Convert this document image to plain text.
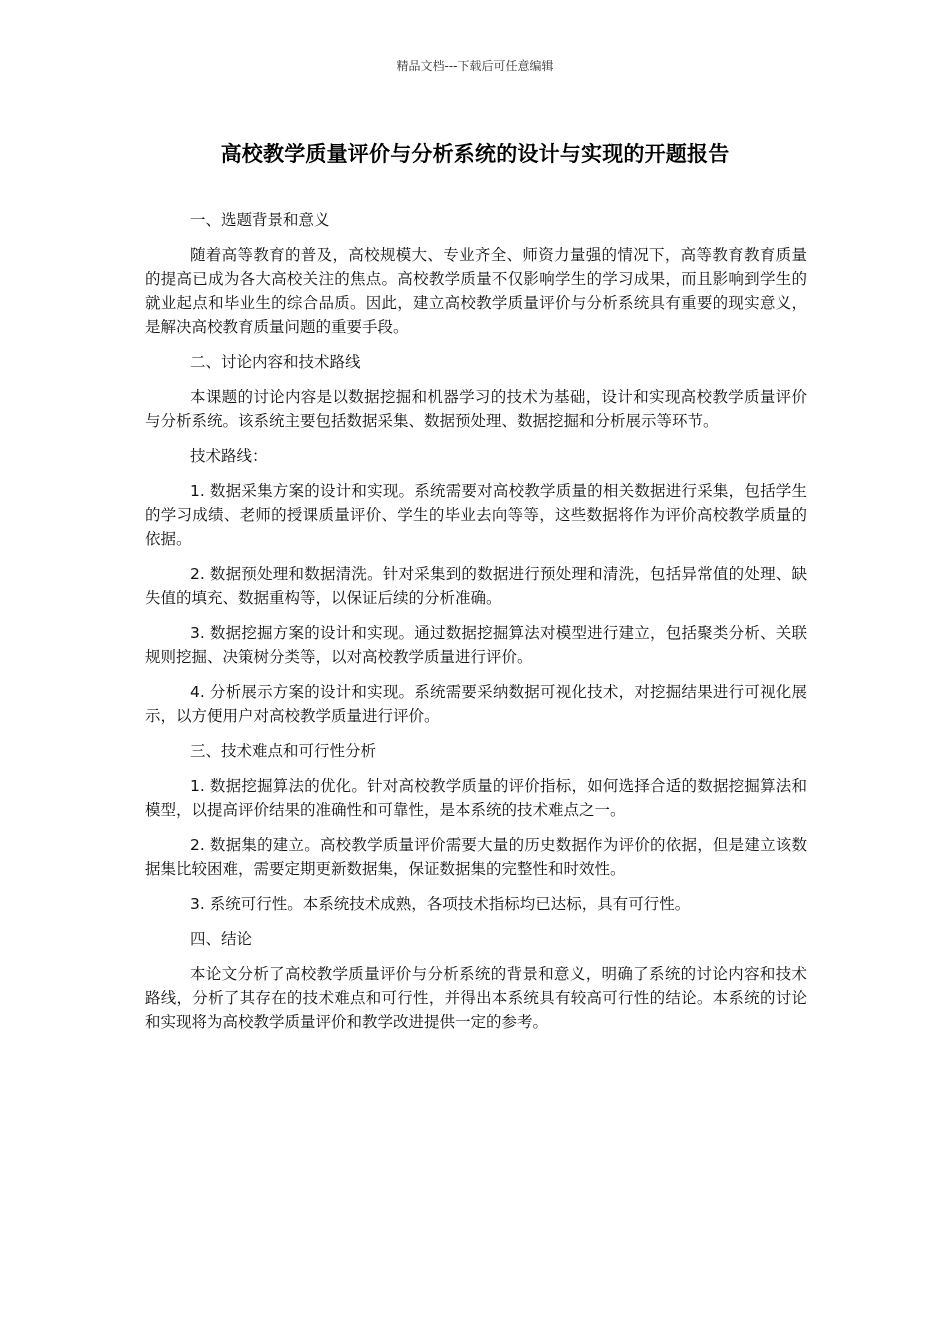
精品文档---下载后可任意编辑
高校教学质量评价与分析系统的设计与实现的开题报告

一、选题背景和意义

随着高等教育的普及，高校规模大、专业齐全、师资力量强的情况下，高等教育教育质量的提高已成为各大高校关注的焦点。高校教学质量不仅影响学生的学习成果，而且影响到学生的就业起点和毕业生的综合品质。因此，建立高校教学质量评价与分析系统具有重要的现实意义，是解决高校教育质量问题的重要手段。

二、讨论内容和技术路线

本课题的讨论内容是以数据挖掘和机器学习的技术为基础，设计和实现高校教学质量评价与分析系统。该系统主要包括数据采集、数据预处理、数据挖掘和分析展示等环节。

技术路线：

1. 数据采集方案的设计和实现。系统需要对高校教学质量的相关数据进行采集，包括学生的学习成绩、老师的授课质量评价、学生的毕业去向等等，这些数据将作为评价高校教学质量的依据。

2. 数据预处理和数据清洗。针对采集到的数据进行预处理和清洗，包括异常值的处理、缺失值的填充、数据重构等，以保证后续的分析准确。

3. 数据挖掘方案的设计和实现。通过数据挖掘算法对模型进行建立，包括聚类分析、关联规则挖掘、决策树分类等，以对高校教学质量进行评价。

4. 分析展示方案的设计和实现。系统需要采纳数据可视化技术，对挖掘结果进行可视化展示，以方便用户对高校教学质量进行评价。

三、技术难点和可行性分析

1. 数据挖掘算法的优化。针对高校教学质量的评价指标，如何选择合适的数据挖掘算法和模型，以提高评价结果的准确性和可靠性，是本系统的技术难点之一。

2. 数据集的建立。高校教学质量评价需要大量的历史数据作为评价的依据，但是建立该数据集比较困难，需要定期更新数据集，保证数据集的完整性和时效性。

3. 系统可行性。本系统技术成熟，各项技术指标均已达标，具有可行性。

四、结论

本论文分析了高校教学质量评价与分析系统的背景和意义，明确了系统的讨论内容和技术路线，分析了其存在的技术难点和可行性，并得出本系统具有较高可行性的结论。本系统的讨论和实现将为高校教学质量评价和教学改进提供一定的参考。
